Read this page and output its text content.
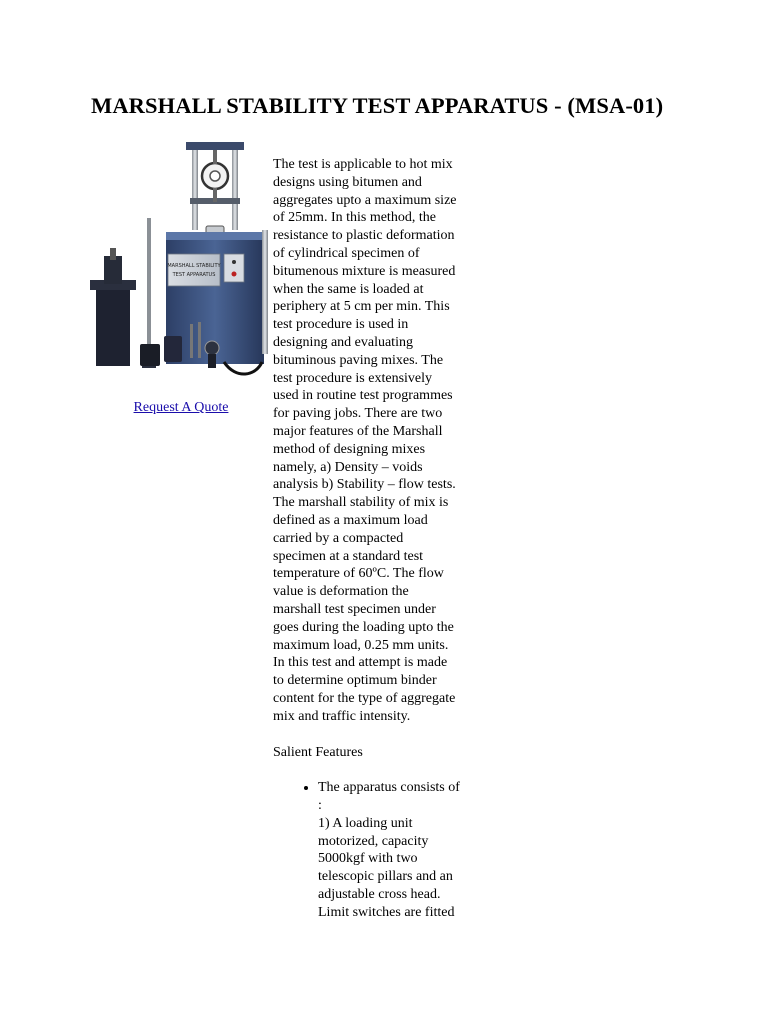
MARSHALL STABILITY TEST APPARATUS - (MSA-01)
MARSHALL STABILITY
TEST APPARATUS
Request A Quote

The test is applicable to hot mix
designs using bitumen and
aggregates upto a maximum size
of 25mm. In this method, the
resistance to plastic deformation
of cylindrical specimen of
bitumenous mixture is measured
when the same is loaded at
periphery at 5 cm per min. This
test procedure is used in
designing and evaluating
bituminous paving mixes. The
test procedure is extensively
used in routine test programmes
for paving jobs. There are two
major features of the Marshall
method of designing mixes
namely, a) Density – voids
analysis b) Stability – flow tests.
The marshall stability of mix is
defined as a maximum load
carried by a compacted
specimen at a standard test
temperature of 60ºC. The flow
value is deformation the
marshall test specimen under
goes during the loading upto the
maximum load, 0.25 mm units.
In this test and attempt is made
to determine optimum binder
content for the type of aggregate
mix and traffic intensity.

Salient Features

• The apparatus consists of
:
1) A loading unit
motorized, capacity
5000kgf with two
telescopic pillars and an
adjustable cross head.
Limit switches are fitted
